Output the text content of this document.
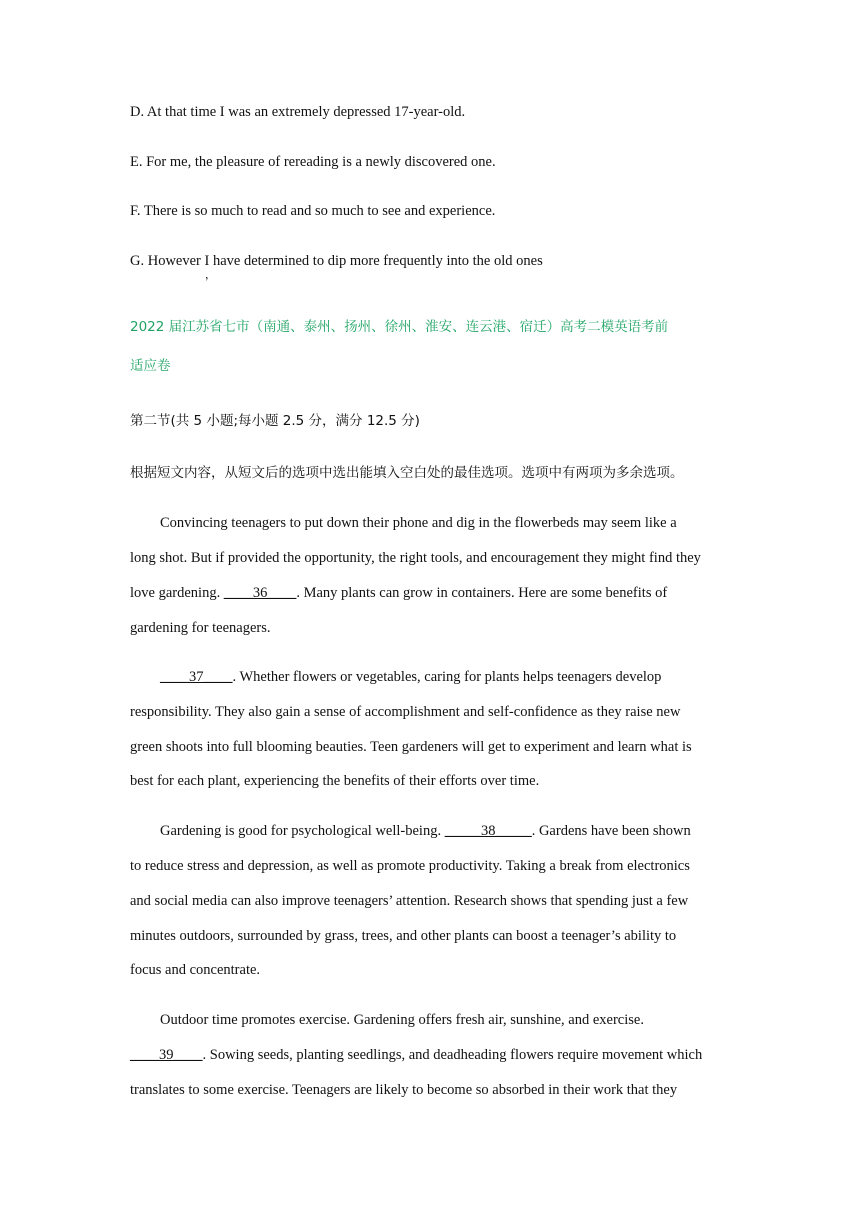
D. At that time I was an extremely depressed 17-year-old.
E. For me, the pleasure of rereading is a newly discovered one.
F. There is so much to read and so much to see and experience.
G. However I have determined to dip more frequently into the old ones
，
2022 届江苏省七市（南通、泰州、扬州、徐州、淮安、连云港、宿迁）高考二模英语考前
适应卷
第二节(共 5 小题;每小题 2.5 分，满分 12.5 分)
根据短文内容，从短文后的选项中选出能填入空白处的最佳选项。选项中有两项为多余选项。
Convincing teenagers to put down their phone and dig in the flowerbeds may seem like a
long shot. But if provided the opportunity, the right tools, and encouragement they might find they
love gardening. ____36____. Many plants can grow in containers. Here are some benefits of
gardening for teenagers.
____37____. Whether flowers or vegetables, caring for plants helps teenagers develop
responsibility. They also gain a sense of accomplishment and self-confidence as they raise new
green shoots into full blooming beauties. Teen gardeners will get to experiment and learn what is
best for each plant, experiencing the benefits of their efforts over time.
Gardening is good for psychological well-being. _____38_____. Gardens have been shown
to reduce stress and depression, as well as promote productivity. Taking a break from electronics
and social media can also improve teenagers’ attention. Research shows that spending just a few
minutes outdoors, surrounded by grass, trees, and other plants can boost a teenager’s ability to
focus and concentrate.
Outdoor time promotes exercise. Gardening offers fresh air, sunshine, and exercise.
____39____. Sowing seeds, planting seedlings, and deadheading flowers require movement which
translates to some exercise. Teenagers are likely to become so absorbed in their work that they
